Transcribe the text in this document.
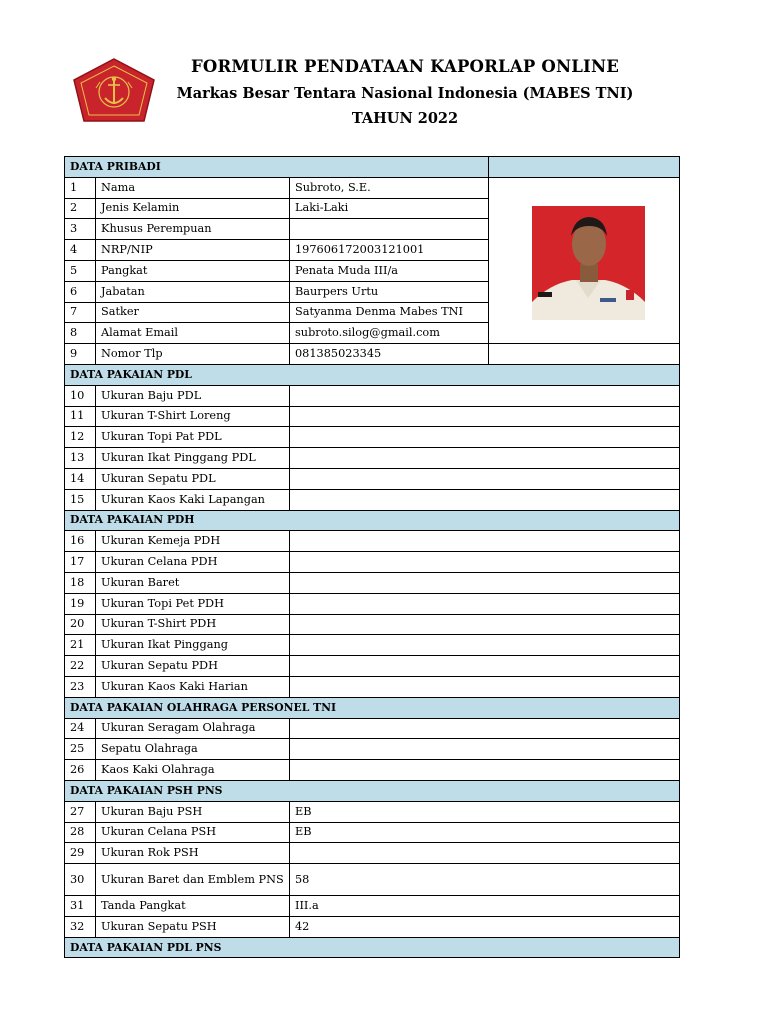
FORMULIR PENDATAAN KAPORLAP ONLINE
Markas Besar Tentara Nasional Indonesia (MABES TNI)
TAHUN 2022
DATA PRIBADI			
1	Nama	Subroto, S.E.	

2	Jenis Kelamin	Laki-Laki	
3	Khusus Perempuan		
4	NRP/NIP	197606172003121001	
5	Pangkat	Penata Muda III/a	
6	Jabatan	Baurpers Urtu	
7	Satker	Satyanma Denma Mabes TNI	
8	Alamat Email	subroto.silog@gmail.com	
9	Nomor Tlp	081385023345	
DATA PAKAIAN PDL			
10	Ukuran Baju PDL		
11	Ukuran T-Shirt Loreng		
12	Ukuran Topi Pat PDL		
13	Ukuran Ikat Pinggang PDL		
14	Ukuran Sepatu PDL		
15	Ukuran Kaos Kaki Lapangan		
DATA PAKAIAN PDH			
16	Ukuran Kemeja PDH		
17	Ukuran Celana PDH		
18	Ukuran Baret		
19	Ukuran Topi Pet PDH		
20	Ukuran T-Shirt PDH		
21	Ukuran Ikat Pinggang		
22	Ukuran Sepatu PDH		
23	Ukuran Kaos Kaki Harian		
DATA PAKAIAN OLAHRAGA PERSONEL TNI			
24	Ukuran Seragam Olahraga		
25	Sepatu Olahraga		
26	Kaos Kaki Olahraga		
DATA PAKAIAN PSH PNS			
27	Ukuran Baju PSH	EB	
28	Ukuran Celana PSH	EB	
29	Ukuran Rok PSH		
30	Ukuran Baret dan Emblem PNS	58	
31	Tanda Pangkat	III.a	
32	Ukuran Sepatu PSH	42	
DATA PAKAIAN PDL PNS			
